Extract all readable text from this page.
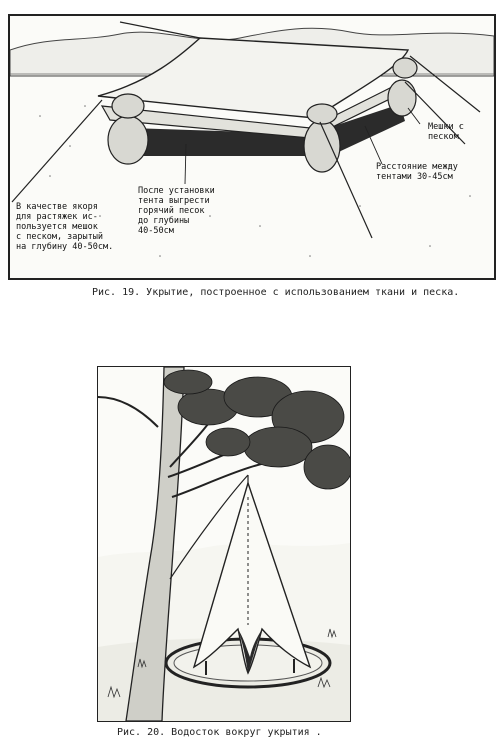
В качестве якоря
для растяжек ис-
пользуется мешок
с песком, зарытый
на глубину 40-50см.
После установки
тента выгрести
горячий песок
до глубины
40-50см
Мешки с
песком
Расстояние между
тентами 30-45см
Рис. 19. Укрытие, построенное с использованием ткани и песка.
Рис. 20. Водосток вокруг укрытия .
